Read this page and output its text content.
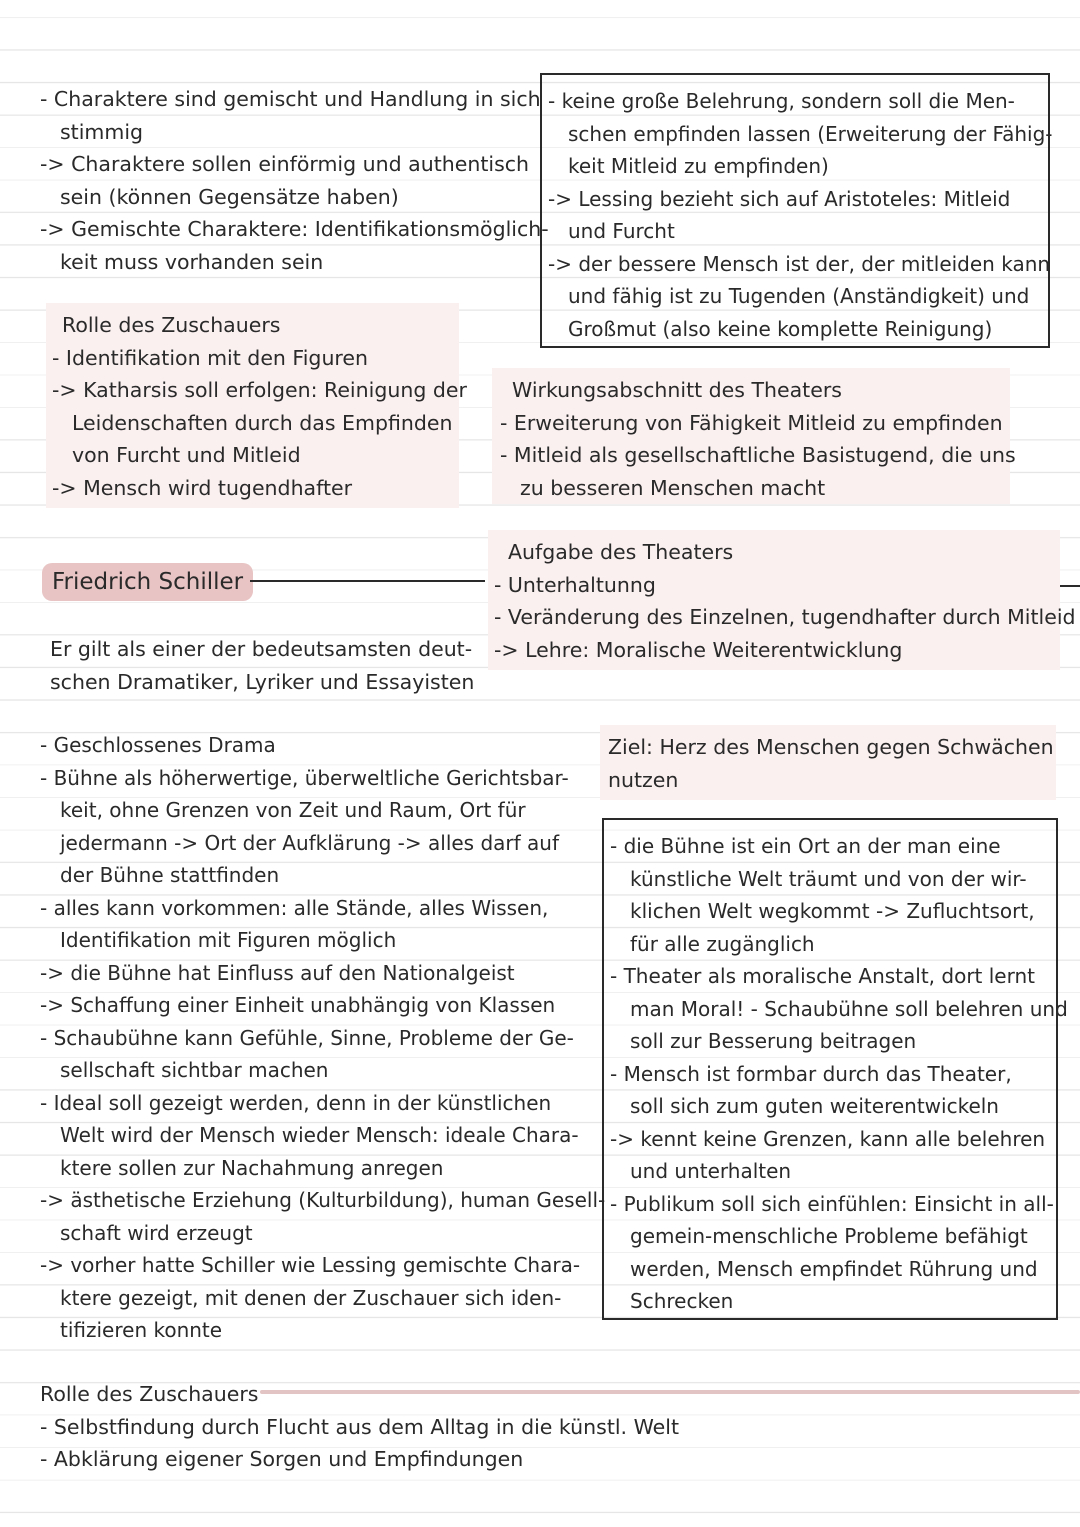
- Charaktere sind gemischt und Handlung in sich
stimmig
-> Charaktere sollen einförmig und authentisch
sein (können Gegensätze haben)
-> Gemischte Charaktere: Identifikationsmöglich-
keit muss vorhanden sein
- keine große Belehrung, sondern soll die Men-
schen empfinden lassen (Erweiterung der Fähig-
keit Mitleid zu empfinden)
-> Lessing bezieht sich auf Aristoteles: Mitleid
und Furcht
-> der bessere Mensch ist der, der mitleiden kann
und fähig ist zu Tugenden (Anständigkeit) und
Großmut (also keine komplette Reinigung)
Rolle des Zuschauers
- Identifikation mit den Figuren
-> Katharsis soll erfolgen: Reinigung der
Leidenschaften durch das Empfinden
von Furcht und Mitleid
-> Mensch wird tugendhafter
Wirkungsabschnitt des Theaters
- Erweiterung von Fähigkeit Mitleid zu empfinden
- Mitleid als gesellschaftliche Basistugend, die uns
zu besseren Menschen macht
Friedrich Schiller
Aufgabe des Theaters
- Unterhaltunng
- Veränderung des Einzelnen, tugendhafter durch Mitleid
-> Lehre: Moralische Weiterentwicklung
Er gilt als einer der bedeutsamsten deut-
schen Dramatiker, Lyriker und Essayisten
Ziel: Herz des Menschen gegen Schwächen
nutzen
- Geschlossenes Drama
- Bühne als höherwertige, überweltliche Gerichtsbar-
keit, ohne Grenzen von Zeit und Raum, Ort für
jedermann -> Ort der Aufklärung -> alles darf auf
der Bühne stattfinden
- alles kann vorkommen: alle Stände, alles Wissen,
Identifikation mit Figuren möglich
-> die Bühne hat Einfluss auf den Nationalgeist
-> Schaffung einer Einheit unabhängig von Klassen
- Schaubühne kann Gefühle, Sinne, Probleme der Ge-
sellschaft sichtbar machen
- Ideal soll gezeigt werden, denn in der künstlichen
Welt wird der Mensch wieder Mensch: ideale Chara-
ktere sollen zur Nachahmung anregen
-> ästhetische Erziehung (Kulturbildung), human Gesell-
schaft wird erzeugt
-> vorher hatte Schiller wie Lessing gemischte Chara-
ktere gezeigt, mit denen der Zuschauer sich iden-
tifizieren konnte
- die Bühne ist ein Ort an der man eine
künstliche Welt träumt und von der wir-
klichen Welt wegkommt -> Zufluchtsort,
für alle zugänglich
- Theater als moralische Anstalt, dort lernt
man Moral! - Schaubühne soll belehren und
soll zur Besserung beitragen
- Mensch ist formbar durch das Theater,
soll sich zum guten weiterentwickeln
-> kennt keine Grenzen, kann alle belehren
und unterhalten
- Publikum soll sich einfühlen: Einsicht in all-
gemein-menschliche Probleme befähigt
werden, Mensch empfindet Rührung und
Schrecken
Rolle des Zuschauers
- Selbstfindung durch Flucht aus dem Alltag in die künstl. Welt
- Abklärung eigener Sorgen und Empfindungen
